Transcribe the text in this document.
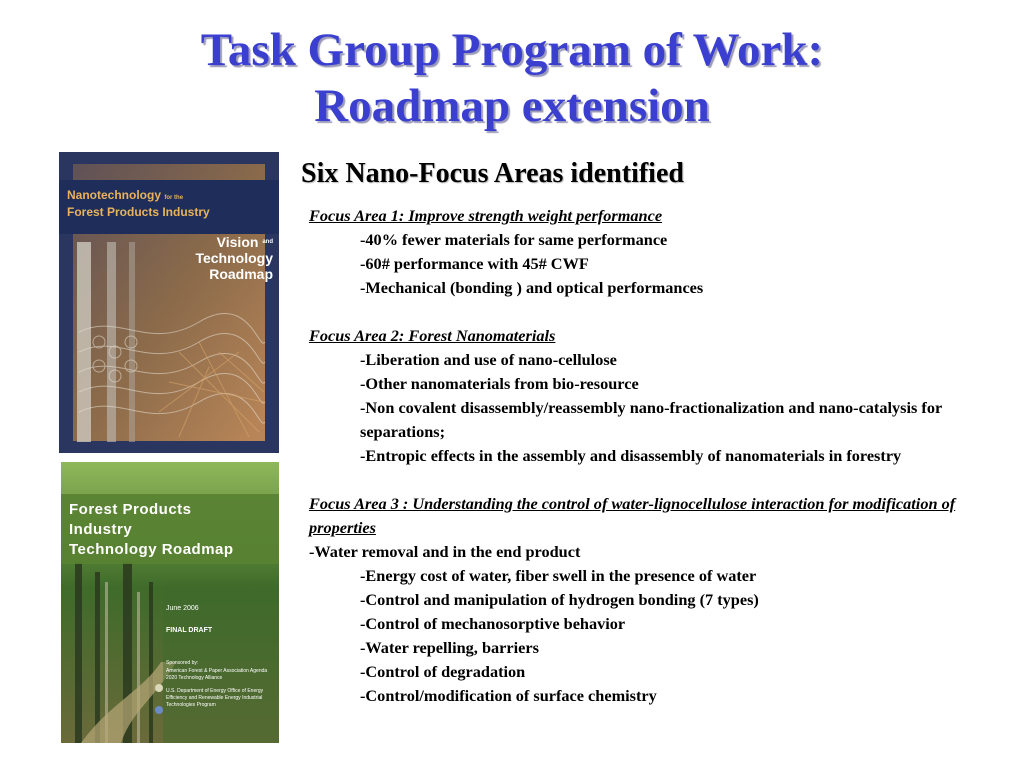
Task Group Program of Work:
Roadmap extension
Six Nano-Focus Areas identified
Nanotechnology for the
Forest Products Industry
Vision $^{and}$
Technology
Roadmap
Forest Products
Industry
Technology Roadmap
June 2006
FINAL DRAFT
Sponsored by:
American Forest & Paper Association Agenda 2020 Technology Alliance
U.S. Department of Energy Office of Energy Efficiency and Renewable Energy Industrial Technologies Program
Focus Area 1: Improve strength weight performance
-40% fewer materials for same performance
-60# performance with 45# CWF
-Mechanical (bonding ) and optical performances
Focus Area 2: Forest Nanomaterials
-Liberation and use of nano-cellulose
-Other nanomaterials from bio-resource
-Non covalent disassembly/reassembly nano-fractionalization and nano-catalysis for separations;
-Entropic effects in the assembly and disassembly of nanomaterials in forestry
Focus Area 3 : Understanding the control of water-lignocellulose interaction for modification of properties
-Water removal and in the end product
-Energy cost of water, fiber swell in the presence of water
-Control and manipulation of hydrogen bonding (7 types)
-Control of mechanosorptive behavior
-Water repelling, barriers
-Control of degradation
-Control/modification of surface chemistry
